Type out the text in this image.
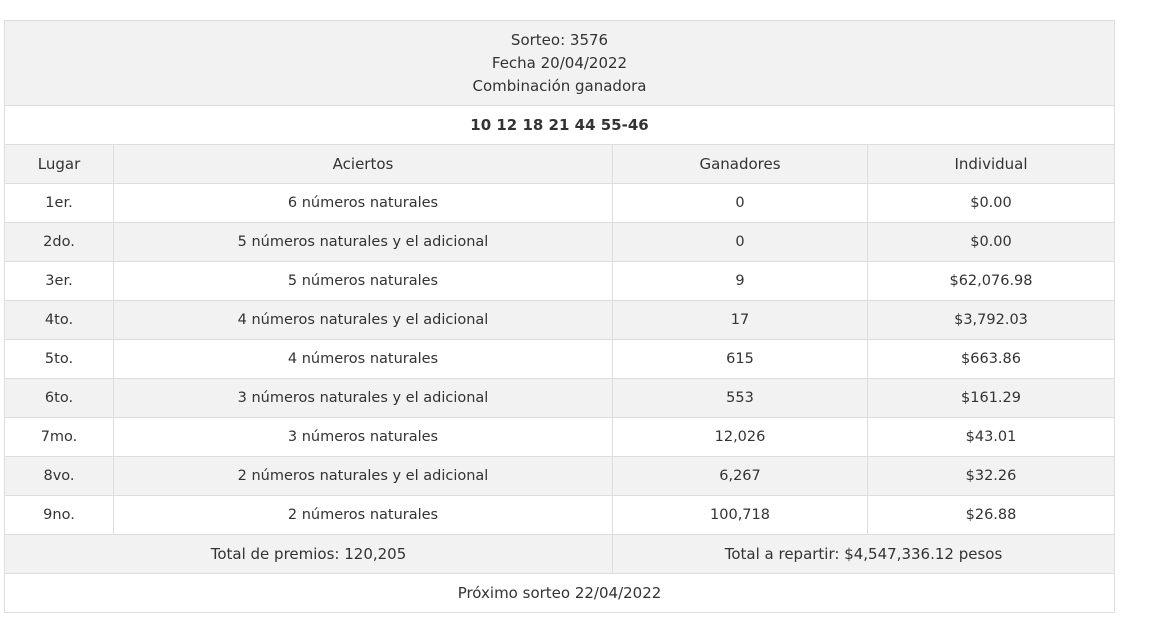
Sorteo: 3576
Fecha 20/04/2022
Combinación ganadora			

10 12 18 21 44 55-46			
Lugar	Aciertos	Ganadores	Individual
1er.	6 números naturales	0	$0.00
2do.	5 números naturales y el adicional	0	$0.00
3er.	5 números naturales	9	$62,076.98
4to.	4 números naturales y el adicional	17	$3,792.03
5to.	4 números naturales	615	$663.86
6to.	3 números naturales y el adicional	553	$161.29
7mo.	3 números naturales	12,026	$43.01
8vo.	2 números naturales y el adicional	6,267	$32.26
9no.	2 números naturales	100,718	$26.88
Total de premios: 120,205		Total a repartir: $4,547,336.12 pesos	
Próximo sorteo 22/04/2022			
